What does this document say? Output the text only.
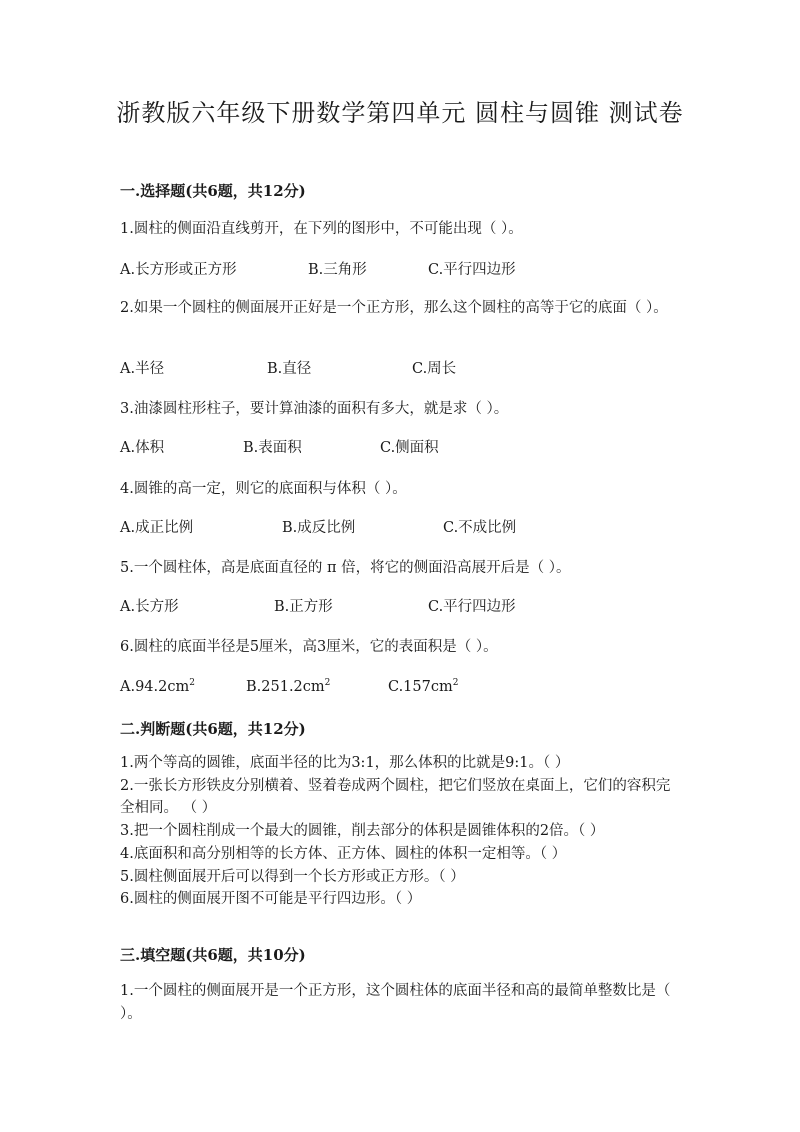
浙教版六年级下册数学第四单元 圆柱与圆锥 测试卷
一.选择题(共6题，共12分)
1.圆柱的侧面沿直线剪开，在下列的图形中，不可能出现（ ）。
A.长方形或正方形	B.三角形	C.平行四边形
2.如果一个圆柱的侧面展开正好是一个正方形，那么这个圆柱的高等于它的底面（ ）。
A.半径	B.直径	C.周长
3.油漆圆柱形柱子，要计算油漆的面积有多大，就是求（ ）。
A.体积	B.表面积	C.侧面积
4.圆锥的高一定，则它的底面积与体积（ ）。
A.成正比例	B.成反比例	C.不成比例
5.一个圆柱体，高是底面直径的 π 倍，将它的侧面沿高展开后是（ ）。
A.长方形	B.正方形	C.平行四边形
6.圆柱的底面半径是5厘米，高3厘米，它的表面积是（ ）。
$A.94.2cm^2$	$B.251.2cm^2$	$C.157cm^2$
二.判断题(共6题，共12分)
1.两个等高的圆锥，底面半径的比为3:1，那么体积的比就是9:1。（ ）
2.一张长方形铁皮分别横着、竖着卷成两个圆柱，把它们竖放在桌面上，它们的容积完全相同。 （ ）
3.把一个圆柱削成一个最大的圆锥，削去部分的体积是圆锥体积的2倍。（ ）
4.底面积和高分别相等的长方体、正方体、圆柱的体积一定相等。（ ）
5.圆柱侧面展开后可以得到一个长方形或正方形。（ ）
6.圆柱的侧面展开图不可能是平行四边形。（ ）
三.填空题(共6题，共10分)
1.一个圆柱的侧面展开是一个正方形，这个圆柱体的底面半径和高的最简单整数比是（ ）。
